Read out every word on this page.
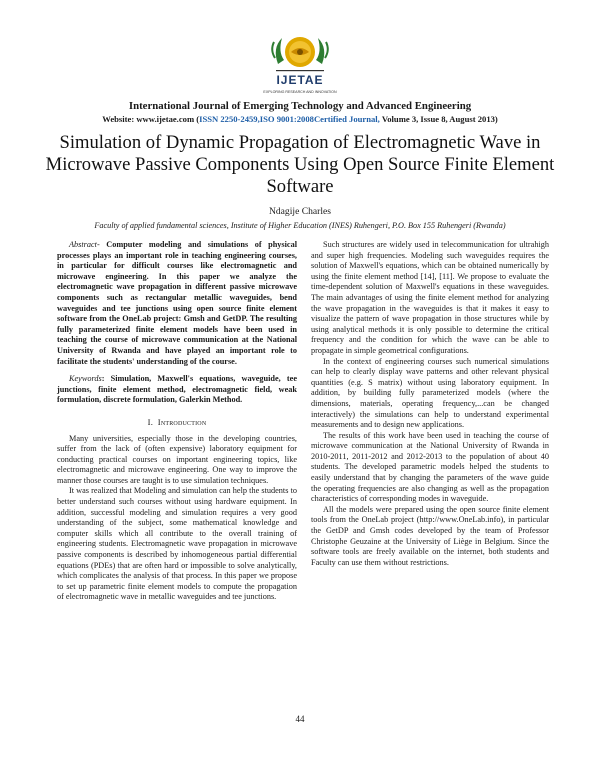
IJETAE
EXPLORING RESEARCH AND INNOVATION
International Journal of Emerging Technology and Advanced Engineering
Website: www.ijetae.com (ISSN 2250-2459,ISO 9001:2008Certified Journal, Volume 3, Issue 8, August 2013)
Simulation of Dynamic Propagation of Electromagnetic Wave in Microwave Passive Components Using Open Source Finite Element Software
Ndagije Charles
Faculty of applied fundamental sciences, Institute of Higher Education (INES) Ruhengeri, P.O. Box 155 Ruhengeri (Rwanda)

Abstract- Computer modeling and simulations of physical processes plays an important role in teaching engineering courses, in particular for difficult courses like electromagnetic and microwave engineering. In this paper we analyze the electromagnetic wave propagation in different passive microwave components such as rectangular metallic waveguides, bend waveguides and tee junctions using open source finite element software from the OneLab project: Gmsh and GetDP. The resulting fully parameterized finite element models have been used in teaching the course of microwave communication at the National University of Rwanda and have played an important role to facilitate the students' understanding of the course.

Keywords: Simulation, Maxwell's equations, waveguide, tee junctions, finite element method, electromagnetic field, weak formulation, discrete formulation, Galerkin Method.

I. Introduction

Many universities, especially those in the developing countries, suffer from the lack of (often expensive) laboratory equipment for conducting practical courses on important engineering topics, like electromagnetic and microwave engineering. One way to improve the manner those courses are taught is to use simulation techniques.

It was realized that Modeling and simulation can help the students to better understand such courses without using hardware equipment. In addition, successful modeling and simulation requires a very good understanding of the subject, some mathematical knowledge and computer skills which all contribute to the overall training of engineering students. Electromagnetic wave propagation in microwave passive components is described by inhomogeneous partial differential equations (PDEs) that are often hard or impossible to solve analytically, which complicates the analysis of that process. In this paper we propose to set up parametric finite element models to compute the propagation of electromagnetic wave in metallic waveguides and tee junctions.

Such structures are widely used in telecommunication for ultrahigh and super high frequencies. Modeling such waveguides requires the solution of Maxwell's equations, which can be obtained numerically by using the finite element method [14], [11]. We propose to evaluate the time-dependent solution of Maxwell's equations in these waveguides. The main advantages of using the finite element method for analyzing the wave propagation in the waveguides is that it makes it easy to visualize the pattern of wave propagation in those structures while by using analytical methods it is only possible to determine the critical frequency and the condition for which the wave can be able to propagate in simple geometrical configurations.

In the context of engineering courses such numerical simulations can help to clearly display wave patterns and other relevant physical quantities (e.g. S matrix) without using laboratory equipment. In addition, by building fully parameterized models (where the dimensions, materials, operating frequency,...can be changed interactively) the simulations can help to understand experimental measurements and to design new applications.

The results of this work have been used in teaching the course of microwave communication at the National University of Rwanda in 2010-2011, 2011-2012 and 2012-2013 to the population of about 40 students. The developed parametric models helped the students to easily understand that by changing the parameters of the wave guide the operating frequencies are also changing as well as the propagation characteristics of corresponding modes in waveguide.

All the models were prepared using the open source finite element tools from the OneLab project (http://www.OneLab.info), in particular the GetDP and Gmsh codes developed by the team of Professor Christophe Geuzaine at the University of Liège in Belgium. Since the software tools are freely available on the internet, both students and Faculty can use them without restrictions.

44
